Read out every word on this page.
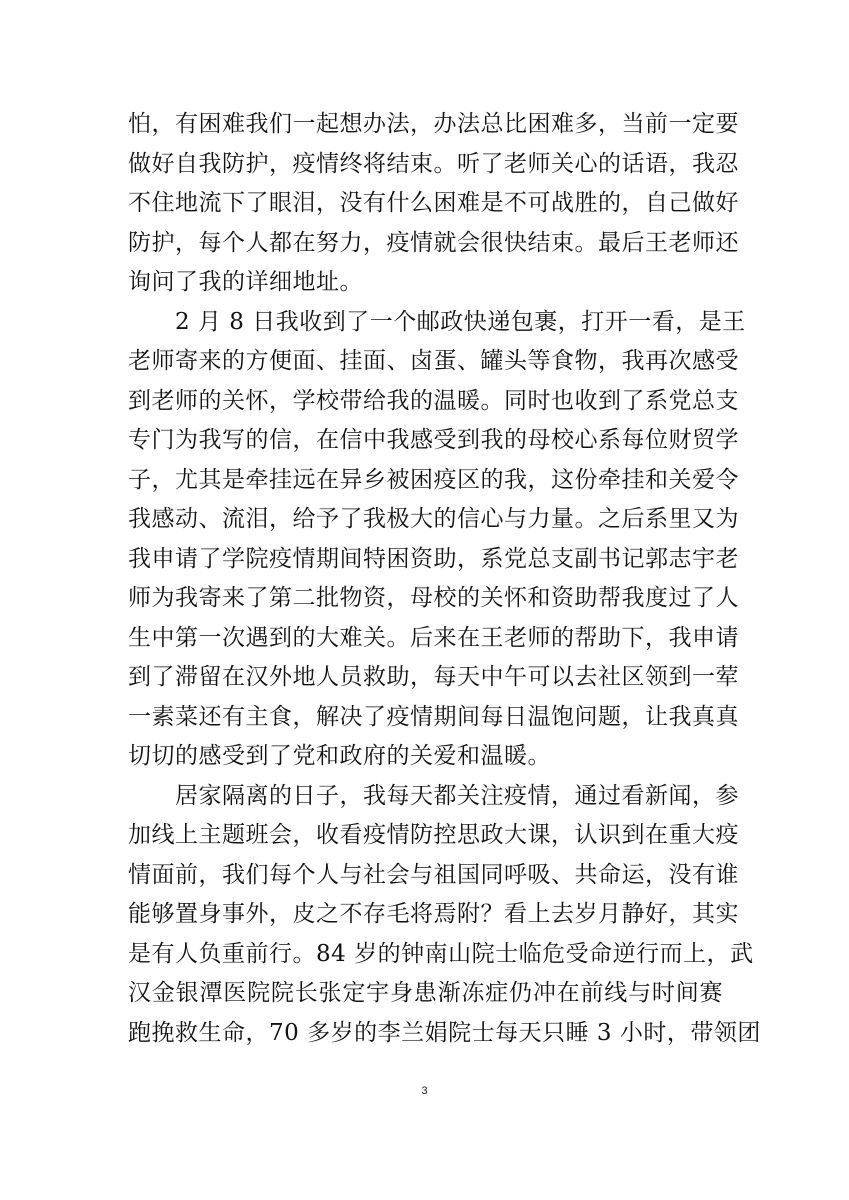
怕，有困难我们一起想办法，办法总比困难多，当前一定要
做好自我防护，疫情终将结束。听了老师关心的话语，我忍
不住地流下了眼泪，没有什么困难是不可战胜的，自己做好
防护，每个人都在努力，疫情就会很快结束。最后王老师还
询问了我的详细地址。
　　2 月 8 日我收到了一个邮政快递包裹，打开一看，是王
老师寄来的方便面、挂面、卤蛋、罐头等食物，我再次感受
到老师的关怀，学校带给我的温暖。同时也收到了系党总支
专门为我写的信，在信中我感受到我的母校心系每位财贸学
子，尤其是牵挂远在异乡被困疫区的我，这份牵挂和关爱令
我感动、流泪，给予了我极大的信心与力量。之后系里又为
我申请了学院疫情期间特困资助，系党总支副书记郭志宇老
师为我寄来了第二批物资，母校的关怀和资助帮我度过了人
生中第一次遇到的大难关。后来在王老师的帮助下，我申请
到了滞留在汉外地人员救助，每天中午可以去社区领到一荤
一素菜还有主食，解决了疫情期间每日温饱问题，让我真真
切切的感受到了党和政府的关爱和温暖。
　　居家隔离的日子，我每天都关注疫情，通过看新闻，参
加线上主题班会，收看疫情防控思政大课，认识到在重大疫
情面前，我们每个人与社会与祖国同呼吸、共命运，没有谁
能够置身事外，皮之不存毛将焉附？看上去岁月静好，其实
是有人负重前行。84 岁的钟南山院士临危受命逆行而上，武
汉金银潭医院院长张定宇身患渐冻症仍冲在前线与时间赛
跑挽救生命，70 多岁的李兰娟院士每天只睡 3 小时，带领团
3
